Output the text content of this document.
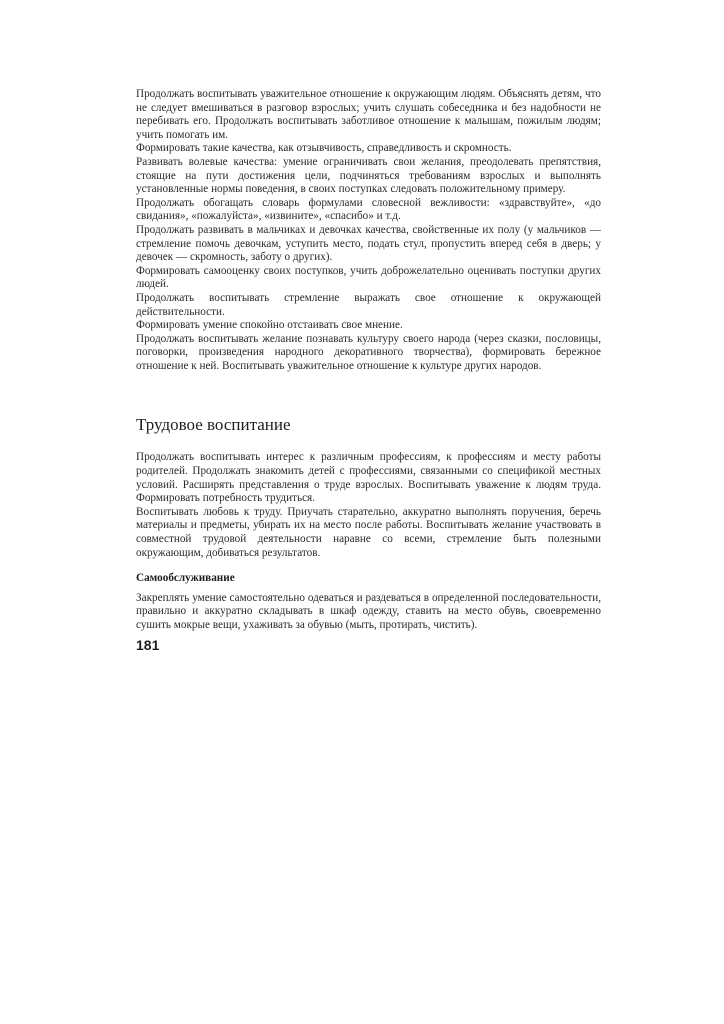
Продолжать воспитывать уважительное отношение к окружающим людям. Объяснять детям, что не следует вмешиваться в разговор взрослых; учить слушать собеседника и без надобности не перебивать его. Продолжать воспитывать заботливое отношение к малышам, пожилым людям; учить помогать им.

Формировать такие качества, как отзывчивость, справедливость и скромность.

Развивать волевые качества: умение ограничивать свои желания, преодолевать препятствия, стоящие на пути достижения цели, подчиняться требованиям взрослых и выполнять установленные нормы поведения, в своих поступках следовать положительному примеру.

Продолжать обогащать словарь формулами словесной вежливости: «здравствуйте», «до свидания», «пожалуйста», «извините», «спасибо» и т.д.

Продолжать развивать в мальчиках и девочках качества, свойственные их полу (у мальчиков — стремление помочь девочкам, уступить место, подать стул, пропустить вперед себя в дверь; у девочек — скромность, заботу о других).

Формировать самооценку своих поступков, учить доброжелательно оценивать поступки других людей.

Продолжать воспитывать стремление выражать свое отношение к окружающей действительности.

Формировать умение спокойно отстаивать свое мнение.

Продолжать воспитывать желание познавать культуру своего народа (через сказки, пословицы, поговорки, произведения народного декоративного творчества), формировать бережное отношение к ней. Воспитывать уважительное отношение к культуре других народов.

Трудовое воспитание

Продолжать воспитывать интерес к различным профессиям, к профессиям и месту работы родителей. Продолжать знакомить детей с профессиями, связанными со спецификой местных условий. Расширять представления о труде взрослых. Воспитывать уважение к людям труда. Формировать потребность трудиться.

Воспитывать любовь к труду. Приучать старательно, аккуратно выполнять поручения, беречь материалы и предметы, убирать их на место после работы. Воспитывать желание участвовать в совместной трудовой деятельности наравне со всеми, стремление быть полезными окружающим, добиваться результатов.

Самообслуживание

Закреплять умение самостоятельно одеваться и раздеваться в определенной последовательности, правильно и аккуратно складывать в шкаф одежду, ставить на место обувь, своевременно сушить мокрые вещи, ухаживать за обувью (мыть, протирать, чистить).

181
